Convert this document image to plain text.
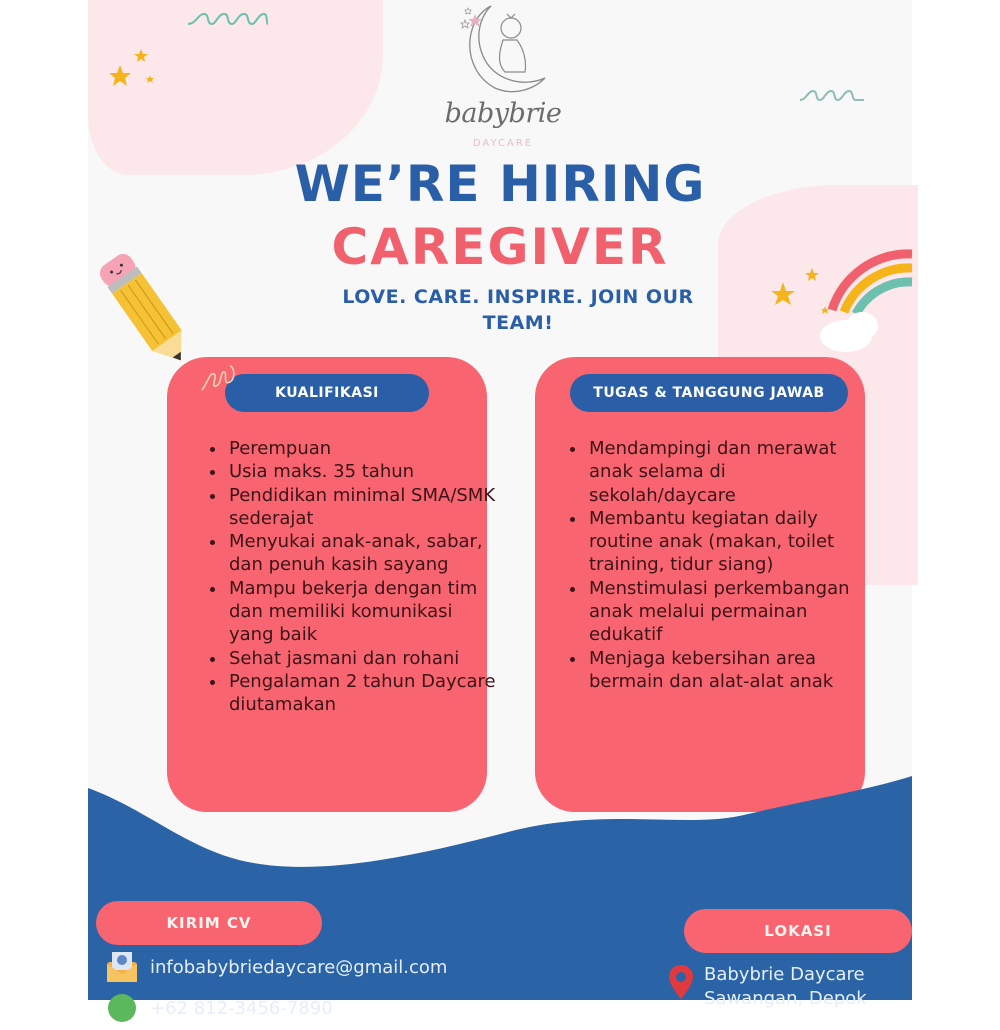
babybrie
DAYCARE
WE’RE HIRING
CAREGIVER
LOVE. CARE. INSPIRE. JOIN OUR TEAM!
KUALIFIKASI
• Perempuan
• Usia maks. 35 tahun
• Pendidikan minimal SMA/SMK sederajat
• Menyukai anak-anak, sabar, dan penuh kasih sayang
• Mampu bekerja dengan tim dan memiliki komunikasi yang baik
• Sehat jasmani dan rohani
• Pengalaman 2 tahun Daycare diutamakan
TUGAS & TANGGUNG JAWAB
• Mendampingi dan merawat anak selama di sekolah/daycare
• Membantu kegiatan daily routine anak (makan, toilet training, tidur siang)
• Menstimulasi perkembangan anak melalui permainan edukatif
• Menjaga kebersihan area bermain dan alat-alat anak
KIRIM CV
infobabybriedaycare@gmail.com
+62 812-3456-7890
LOKASI
Babybrie Daycare
Sawangan, Depok
